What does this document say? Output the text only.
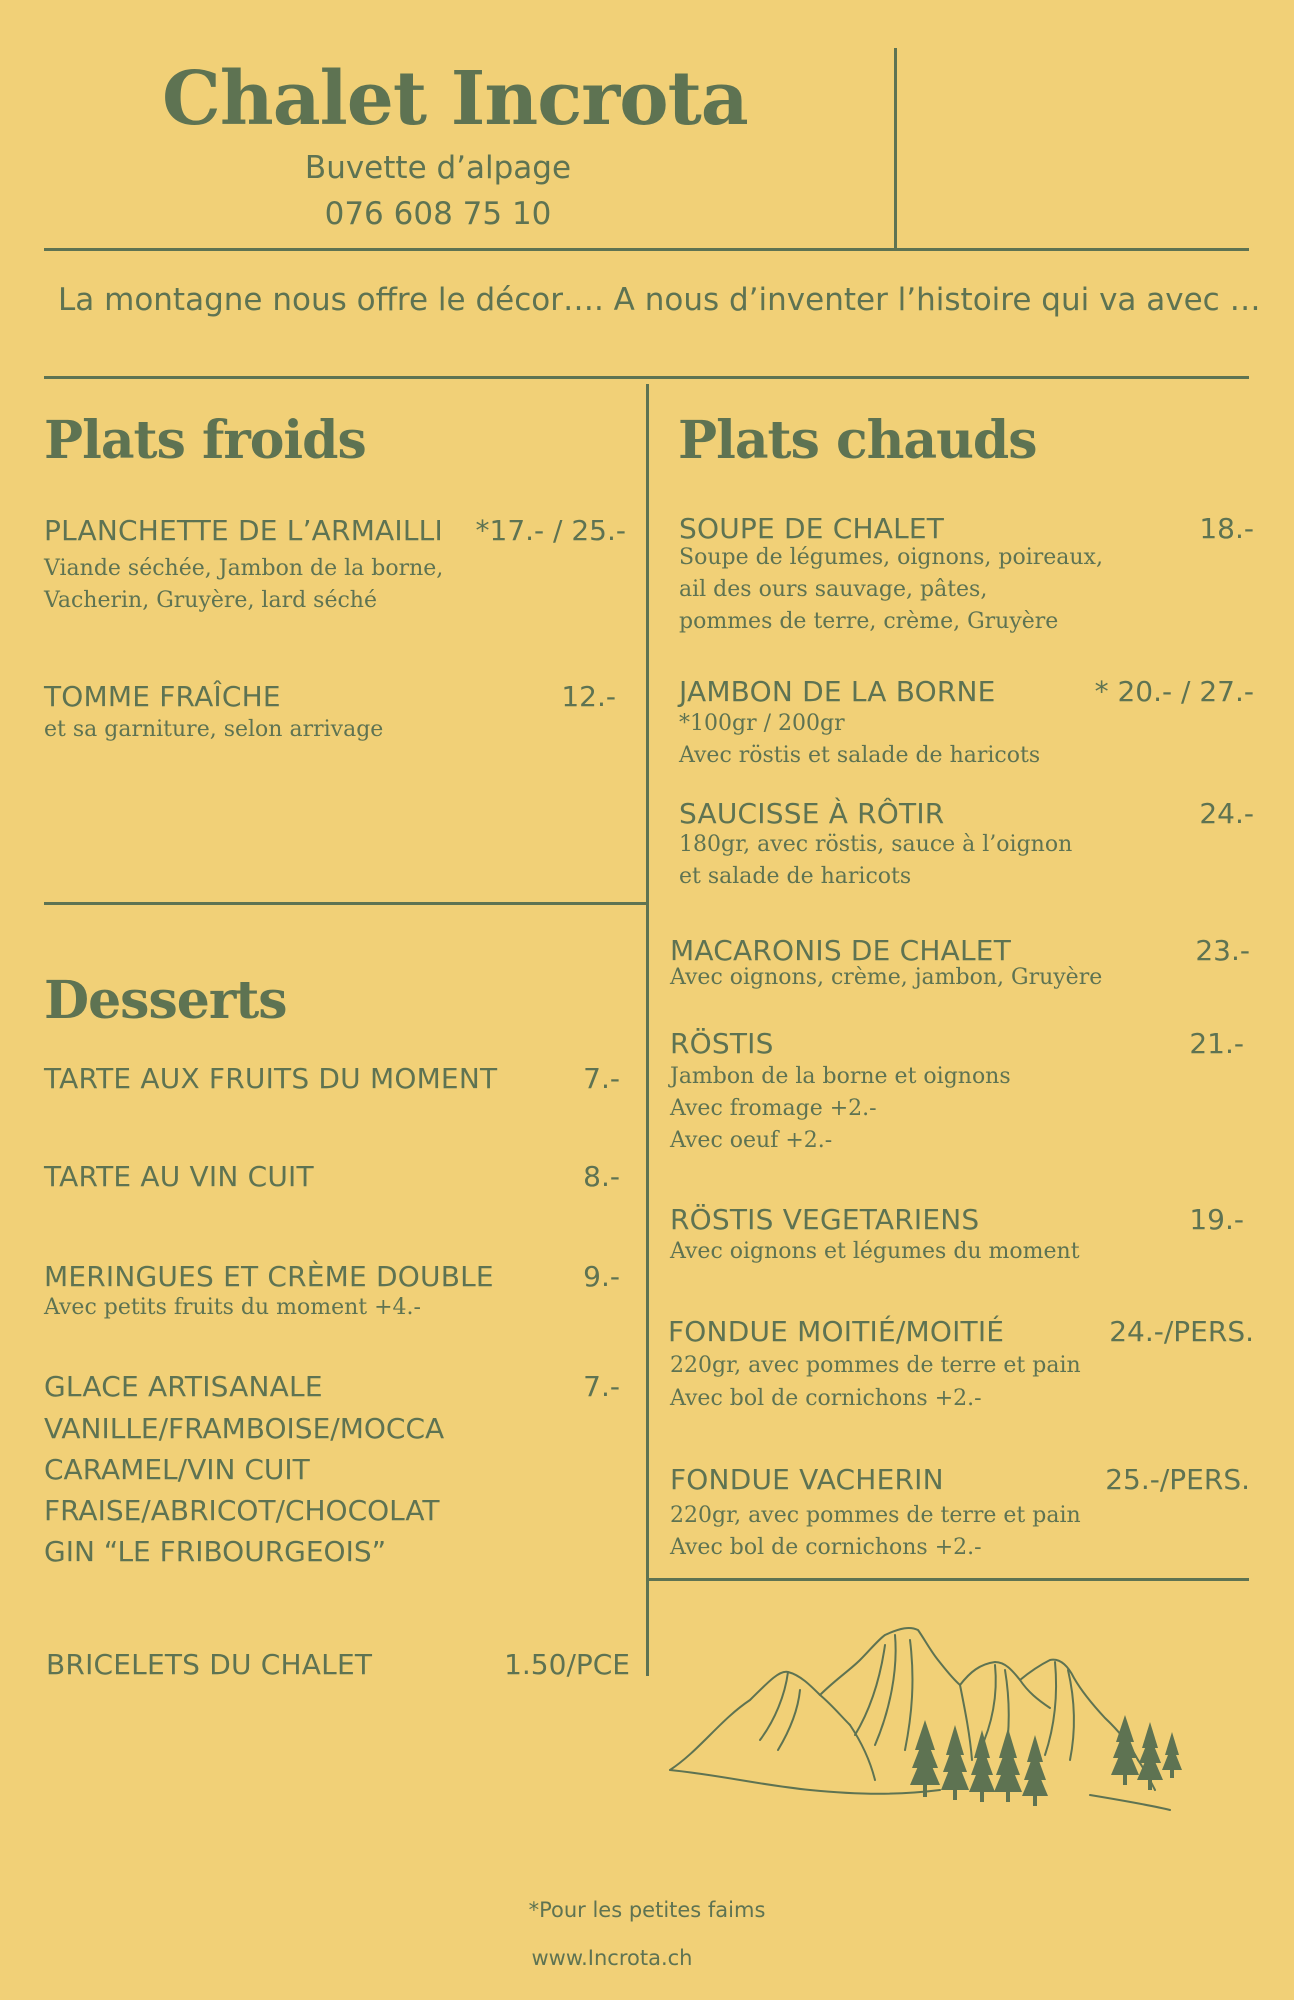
Chalet Incrota
Buvette d’alpage
076 608 75 10
La montagne nous offre le décor…. A nous d’inventer l’histoire qui va avec …
Plats froids
PLANCHETTE DE L’ARMAILLI	*17.- / 25.-
Viande séchée, Jambon de la borne,
Vacherin, Gruyère, lard séché
TOMME FRAÎCHE	12.-
et sa garniture, selon arrivage
Desserts
TARTE AUX FRUITS DU MOMENT	7.-
TARTE AU VIN CUIT	8.-
MERINGUES ET CRÈME DOUBLE	9.-
Avec petits fruits du moment +4.-
GLACE ARTISANALE	7.-
VANILLE/FRAMBOISE/MOCCA
CARAMEL/VIN CUIT
FRAISE/ABRICOT/CHOCOLAT
GIN “LE FRIBOURGEOIS”
BRICELETS DU CHALET	1.50/PCE
Plats chauds
SOUPE DE CHALET	18.-
Soupe de légumes, oignons, poireaux,
ail des ours sauvage, pâtes,
pommes de terre, crème, Gruyère
JAMBON DE LA BORNE	* 20.- / 27.-
*100gr / 200gr
Avec röstis et salade de haricots
SAUCISSE À RÔTIR	24.-
180gr, avec röstis, sauce à l’oignon
et salade de haricots
MACARONIS DE CHALET	23.-
Avec oignons, crème, jambon, Gruyère
RÖSTIS	21.-
Jambon de la borne et oignons
Avec fromage +2.-
Avec oeuf +2.-
RÖSTIS VEGETARIENS	19.-
Avec oignons et légumes du moment
FONDUE MOITIÉ/MOITIÉ	24.-/PERS.
220gr, avec pommes de terre et pain
Avec bol de cornichons +2.-
FONDUE VACHERIN	25.-/PERS.
220gr, avec pommes de terre et pain
Avec bol de cornichons +2.-
*Pour les petites faims
www.Incrota.ch
